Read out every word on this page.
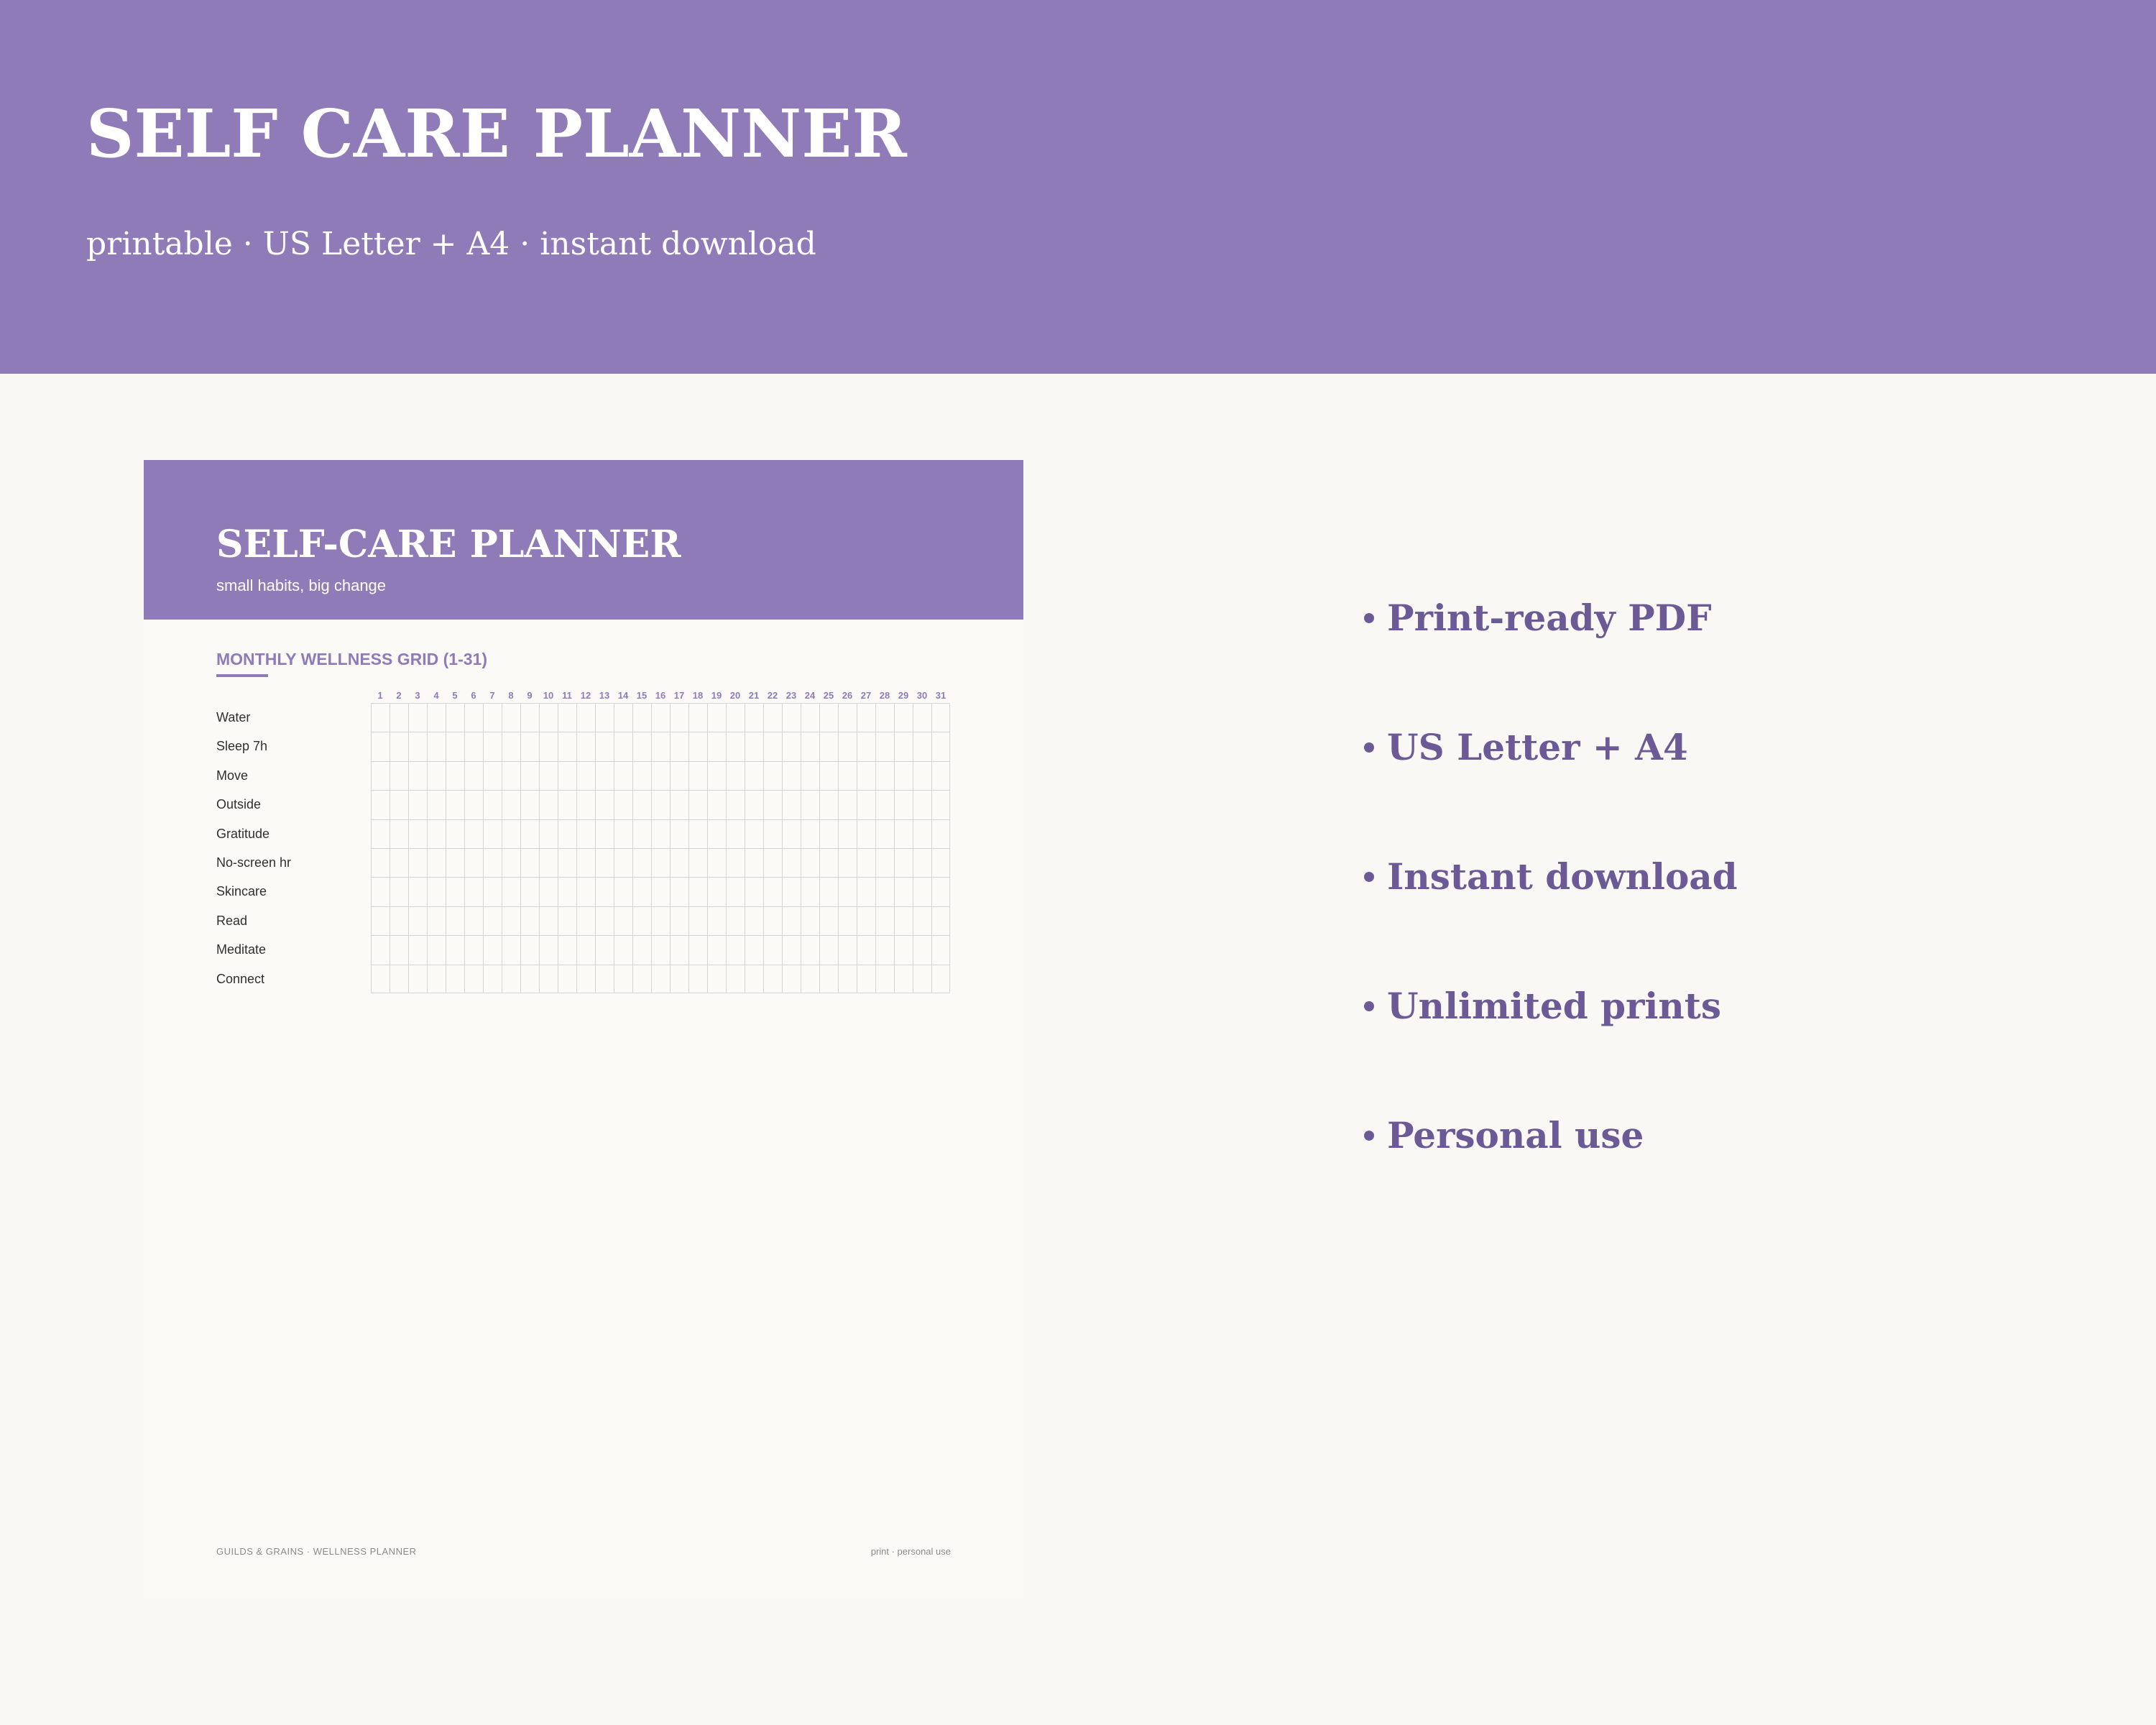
SELF CARE PLANNER

printable · US Letter + A4 · instant download

SELF-CARE PLANNER
small habits, big change
MONTHLY WELLNESS GRID (1-31)
1	2	3	4	5	6	7	8	9	10 11 12 13 14 15 16 17 18 19 20 21 22 23 24 25 26 27 28 29 30 31
Water
Sleep 7h
Move
Outside
Gratitude
No-screen hr
Skincare
Read
Meditate
Connect
GUILDS & GRAINS · WELLNESS PLANNER	print · personal use
Print-ready PDF
US Letter + A4
Instant download
Unlimited prints
Personal use
